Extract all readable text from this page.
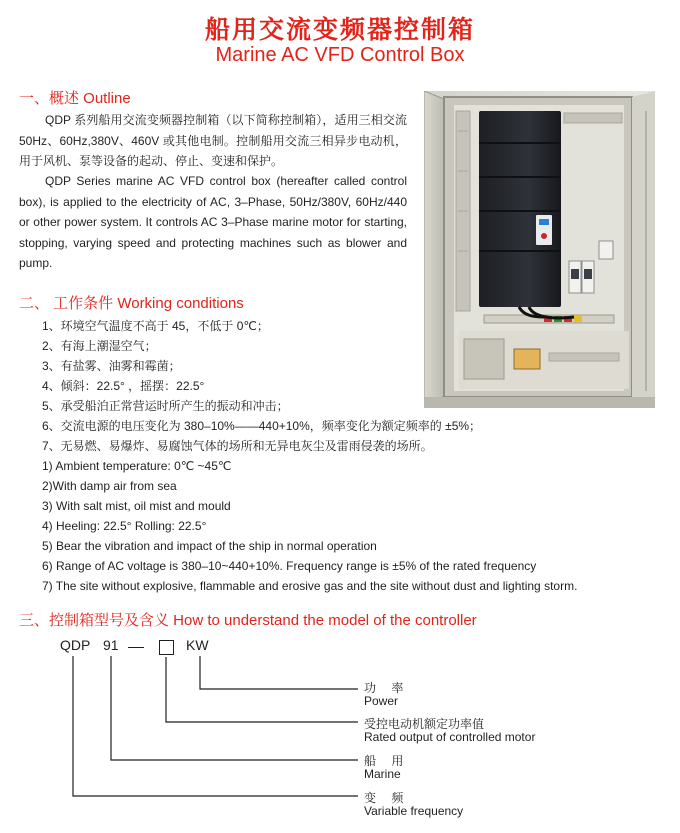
船用交流变频器控制箱
Marine AC VFD Control Box
一、概述 Outline
QDP 系列船用交流变频器控制箱（以下简称控制箱），适用三相交流 50Hz、60Hz,380V、460V 或其他电制。控制船用交流三相异步电动机，用于风机、泵等设备的起动、停止、变速和保护。
QDP Series marine AC VFD control box (hereafter called control box), is applied to the electricity of AC, 3–Phase, 50Hz/380V, 60Hz/440 or other power system. It controls AC 3–Phase marine motor for starting, stopping, varying speed and protecting machines such as blower and pump.
二、 工作条件 Working conditions
1、环境空气温度不高于 45，不低于 0℃；
2、有海上潮湿空气；
3、有盐雾、油雾和霉菌；
4、倾斜：22.5° ，摇摆：22.5°
5、承受船泊正常营运时所产生的振动和冲击；
6、交流电源的电压变化为 380–10%——440+10%，频率变化为额定频率的 ±5%；
7、无易燃、易爆炸、易腐蚀气体的场所和无异电灰尘及雷雨侵袭的场所。
1) Ambient temperature: 0℃ ~45℃
2)With damp air from sea
3) With salt mist, oil mist and mould
4) Heeling: 22.5° Rolling: 22.5°
5) Bear the vibration and impact of the ship in normal operation
6) Range of AC voltage is 380–10~440+10%. Frequency range is ±5% of the rated frequency
7) The site without explosive, flammable and erosive gas and the site without dust and lighting storm.
三、控制箱型号及含义 How to understand the model of the controller
QDP 91	KW
功 率
Power
受控电动机额定功率值
Rated output of controlled motor
船 用
Marine
变 频
Variable frequency
